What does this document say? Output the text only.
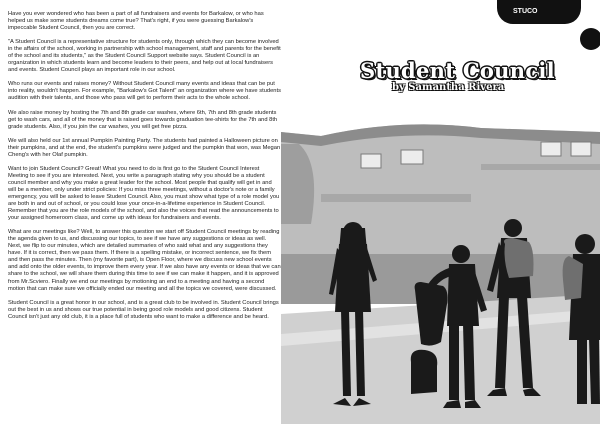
STUCO

Have you ever wondered who has been a part of all fundraisers and events for Barkalow, or who has helped us make some students dreams come true? That's right, if you were guessing Barkalow's impeccable Student Council, then you are correct.

"A Student Council is a representative structure for students only, through which they can become involved in the affairs of the school, working in partnership with school management, staff and parents for the benefit of the school and its students," as the Student Council Support website says. Student Council is an organization in which students learn and become leaders to their peers, and help out at local fundraisers and events. Student Council plays an important role in our school.

Who runs our events and raises money? Without Student Council many events and ideas that can be put into reality, wouldn't happen. For example, "Barkalow's Got Talent" an organization where we have students audition with their talents, and those who pass will get to perform their acts to the whole school.

We also raise money by hosting the 7th and 8th grade car washes, where 6th, 7th and 8th grade students get to wash cars, and all of the money that is raised goes towards graduation tee-shirts for the 7th and 8th grade students. Also, if you join the car washes, you will get free pizza.

We will also held our 1st annual Pumpkin Painting Party. The students had painted a Halloween picture on their pumpkins, and at the end, the student's pumpkins were judged and the pumpkin that won, was Megan Cheng's with her Olaf pumpkin.

Want to join Student Council? Great! What you need to do is first go to the Student Council Interest Meeting to see if you are interested. Next, you write a paragraph stating why you should be a student council member and why you make a great leader for the school. Most people that qualify will get in and will be a member, only under strict policies: If you miss three meetings, without a doctor's note or a family emergency, you will be asked to leave Student Council. Also, you must show what type of a role model you are both in and out of school, or you could lose your once-in-a-lifetime experience in Student Council. Remember that you are the role models of the school, and also the voices that read the announcements to your assigned homeroom class, and come up with ideas for fundraisers and events.

What are our meetings like? Well, to answer this question we start off Student Council meetings by reading the agenda given to us, and discussing our topics, to see if we have any suggestions or ideas as well. Next, we flip to our minutes, which are detailed summaries of who said what and any suggestions they have. If it is correct, then we pass them. If there is a spelling mistake, or incorrect sentence, we fix them and then pass the minutes. Then (my favorite part), is Open Floor, where we discuss new school events and add onto the older events, to improve them every year. If we also have any events or ideas that we can share to the school, we will share them during this time to see if we can make it happen, and it is approved from Mr.Scviero. Finally we end our meetings by motioning an end to a meeting and having a second motion that can make sure we officially ended our meeting and all the topics we covered, were discussed.

Student Council is a great honor in our school, and is a great club to be involved in. Student Council brings out the best in us and shows our true potential in being good role models and good citizens. Student Council isn't just any old club, it is a place full of students who want to make a difference and be heard.

Student Council
by Samantha Rivera
